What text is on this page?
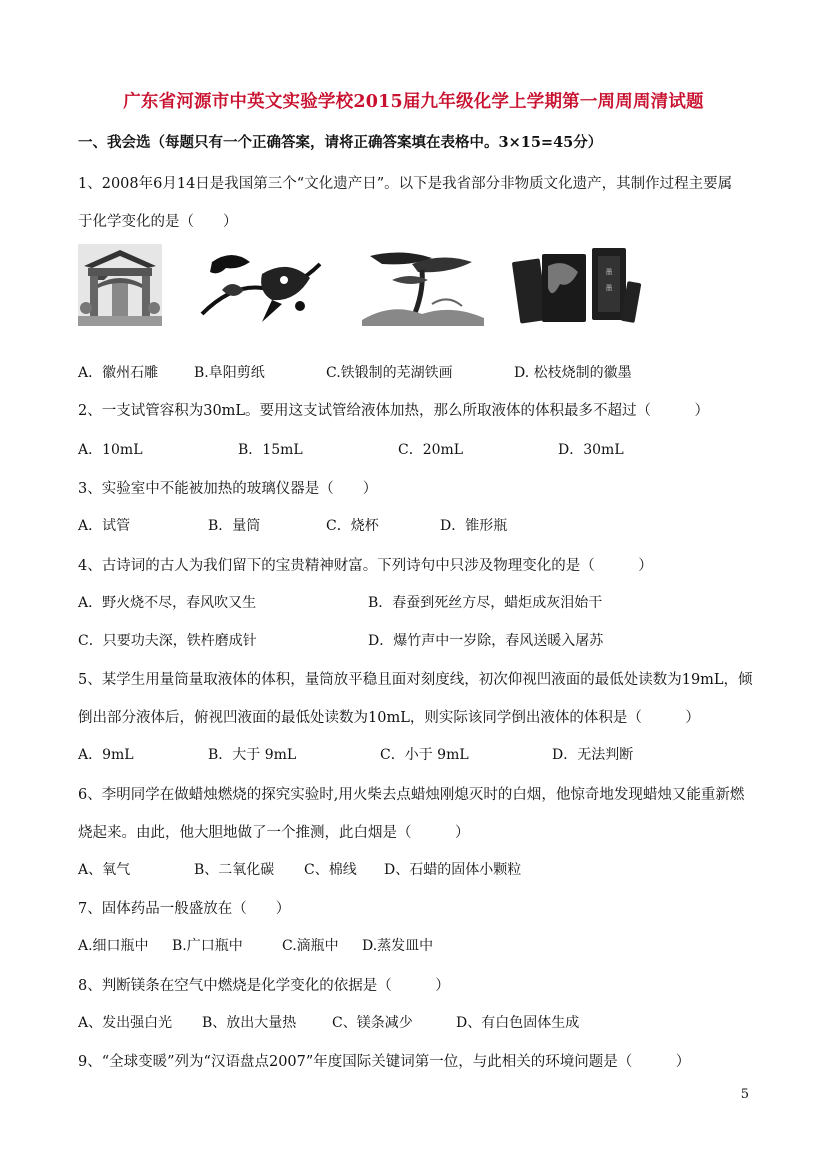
广东省河源市中英文实验学校2015届九年级化学上学期第一周周周清试题
一、我会选（每题只有一个正确答案，请将正确答案填在表格中。3×15=45分）
1、2008年6月14日是我国第三个“文化遗产日”。以下是我省部分非物质文化遗产，其制作过程主要属
于化学变化的是（　　）
墨
墨
A．徽州石雕	B.阜阳剪纸	C.铁锻制的芜湖铁画	D. 松枝烧制的徽墨
2、一支试管容积为30mL。要用这支试管给液体加热，那么所取液体的体积最多不超过（　　　）
A．10mL	B．15mL	C．20mL	D．30mL
3、实验室中不能被加热的玻璃仪器是（　　）
A．试管	B．量筒	C．烧杯	D．锥形瓶
4、古诗词的古人为我们留下的宝贵精神财富。下列诗句中只涉及物理变化的是（　　　）
A．野火烧不尽，春风吹又生	B．春蚕到死丝方尽，蜡炬成灰泪始干
C．只要功夫深，铁杵磨成针	D．爆竹声中一岁除，春风送暖入屠苏
5、某学生用量筒量取液体的体积，量筒放平稳且面对刻度线，初次仰视凹液面的最低处读数为19mL，倾
倒出部分液体后，俯视凹液面的最低处读数为10mL，则实际该同学倒出液体的体积是（　　　）
A．9mL	B．大于 9mL	C．小于 9mL	D．无法判断
6、李明同学在做蜡烛燃烧的探究实验时,用火柴去点蜡烛刚熄灭时的白烟，他惊奇地发现蜡烛又能重新燃
烧起来。由此，他大胆地做了一个推测，此白烟是（　　　）
A、氧气	B、二氧化碳 C、棉线 D、石蜡的固体小颗粒
7、固体药品一般盛放在（　　）
A.细口瓶中 B.广口瓶中	C.滴瓶中 D.蒸发皿中
8、判断镁条在空气中燃烧是化学变化的依据是（　　　）
A、发出强白光 B、放出大量热	C、镁条减少	D、有白色固体生成
9、“全球变暖”列为“汉语盘点2007”年度国际关键词第一位，与此相关的环境问题是（　　　）
5
